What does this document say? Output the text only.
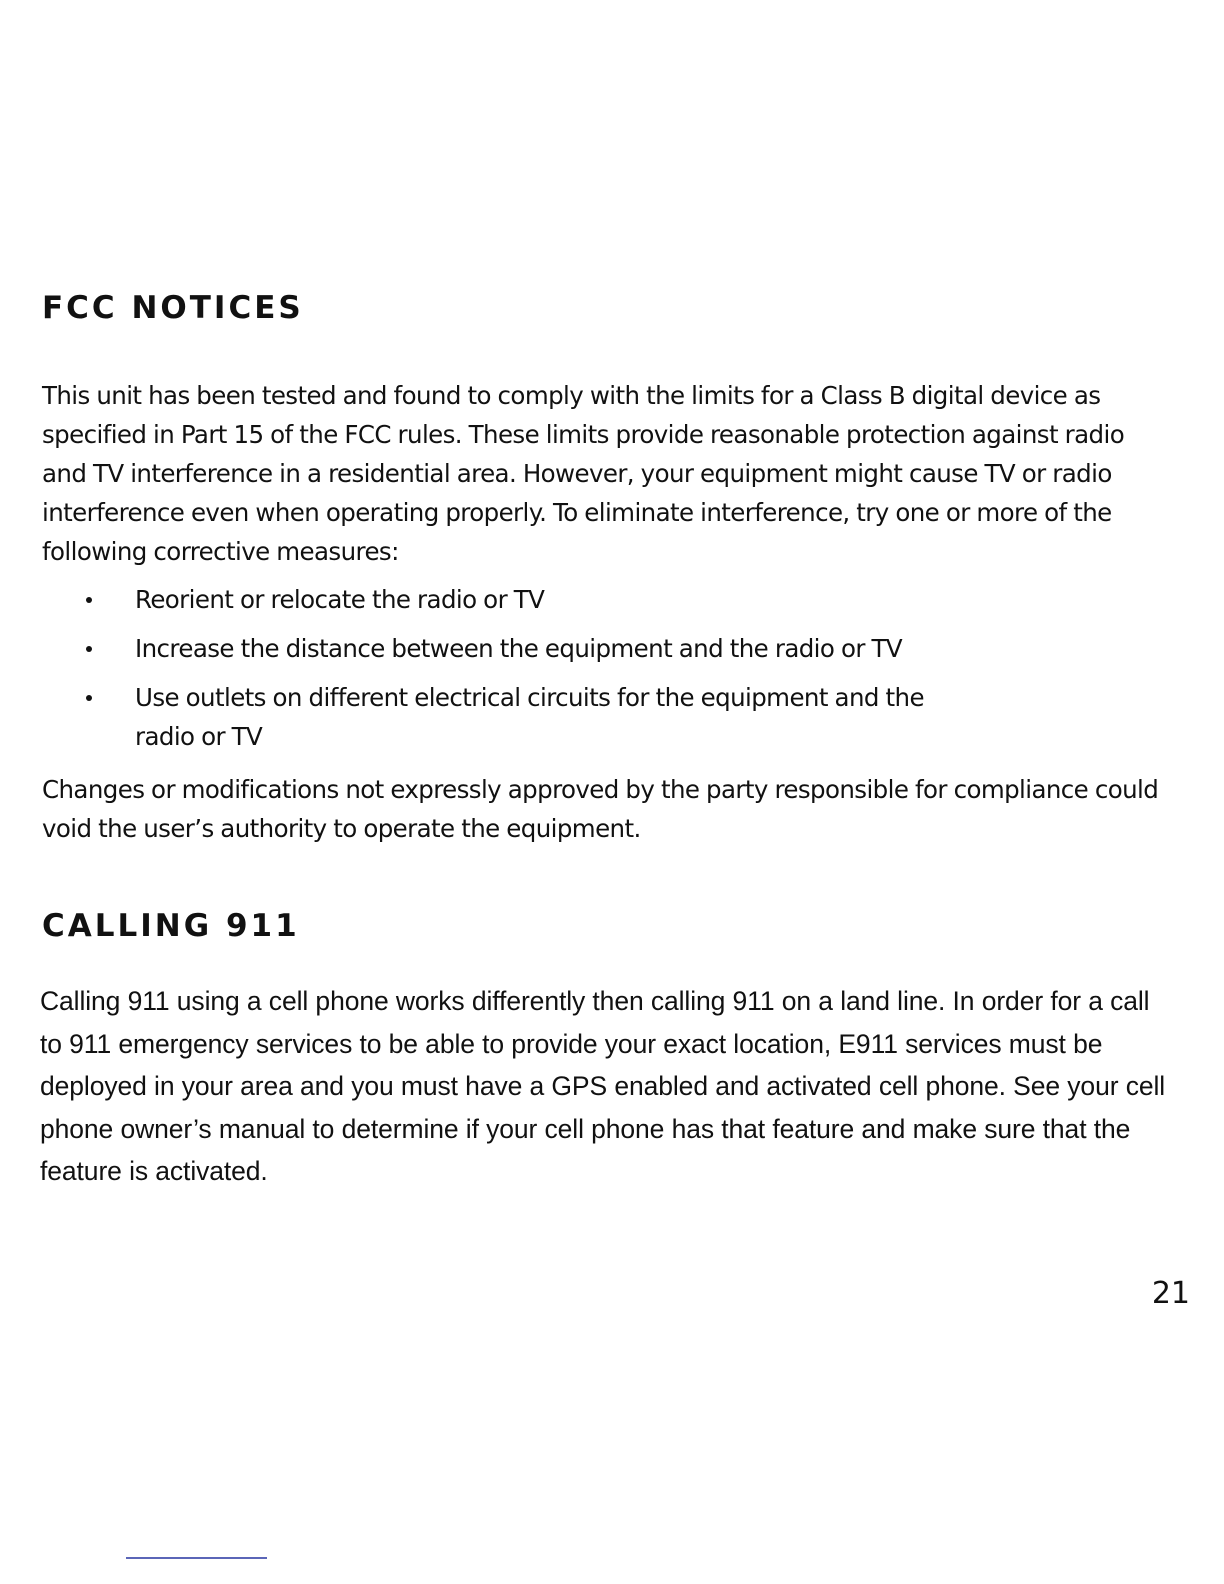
FCC NOTICES

This unit has been tested and found to comply with the limits for a Class B digital device as specified in Part 15 of the FCC rules. These limits provide reasonable protection against radio and TV interference in a residential area. However, your equipment might cause TV or radio interference even when operating properly. To eliminate interference, try one or more of the following corrective measures:

Reorient or relocate the radio or TV
Increase the distance between the equipment and the radio or TV
Use outlets on different electrical circuits for the equipment and the radio or TV

Changes or modifications not expressly approved by the party responsible for compliance could void the user’s authority to operate the equipment.

CALLING 911

Calling 911 using a cell phone works differently then calling 911 on a land line. In order for a call to 911 emergency services to be able to provide your exact location, E911 services must be deployed in your area and you must have a GPS enabled and activated cell phone. See your cell phone owner’s manual to determine if your cell phone has that feature and make sure that the feature is activated.

21
